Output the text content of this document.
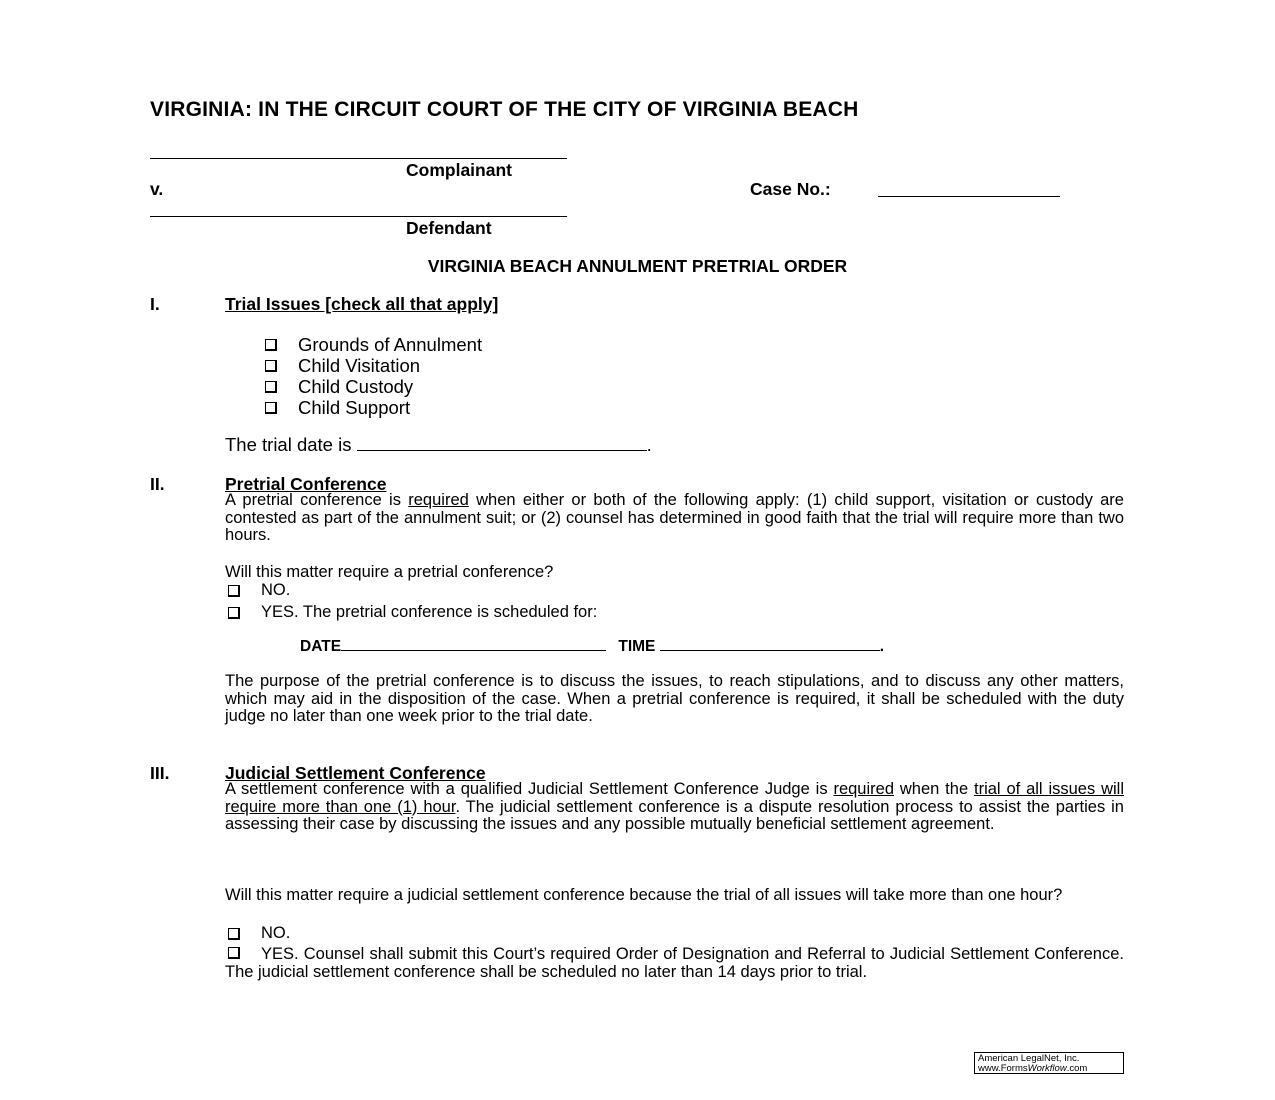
VIRGINIA: IN THE CIRCUIT COURT OF THE CITY OF VIRGINIA BEACH
Complainant
v.	Case No.:
Defendant
VIRGINIA BEACH ANNULMENT PRETRIAL ORDER
I.	Trial Issues [check all that apply]
Grounds of Annulment
Child Visitation
Child Custody
Child Support
The trial date is	.
II.	Pretrial Conference

A pretrial conference is required when either or both of the following apply: (1) child support, visitation or custody are contested as part of the annulment suit; or (2) counsel has determined in good faith that the trial will require more than two hours.

Will this matter require a pretrial conference?
NO.
YES. The pretrial conference is scheduled for:
DATE	TIME	.
The purpose of the pretrial conference is to discuss the issues, to reach stipulations, and to discuss any other matters, which may aid in the disposition of the case. When a pretrial conference is required, it shall be scheduled with the duty judge no later than one week prior to the trial date.
III.	Judicial Settlement Conference

A settlement conference with a qualified Judicial Settlement Conference Judge is required when the trial of all issues will require more than one (1) hour. The judicial settlement conference is a dispute resolution process to assist the parties in assessing their case by discussing the issues and any possible mutually beneficial settlement agreement.

Will this matter require a judicial settlement conference because the trial of all issues will take more than one hour?
NO.

YES. Counsel shall submit this Court’s required Order of Designation and Referral to Judicial Settlement Conference. The judicial settlement conference shall be scheduled no later than 14 days prior to trial.

American LegalNet, Inc.
www.FormsWorkflow.com
